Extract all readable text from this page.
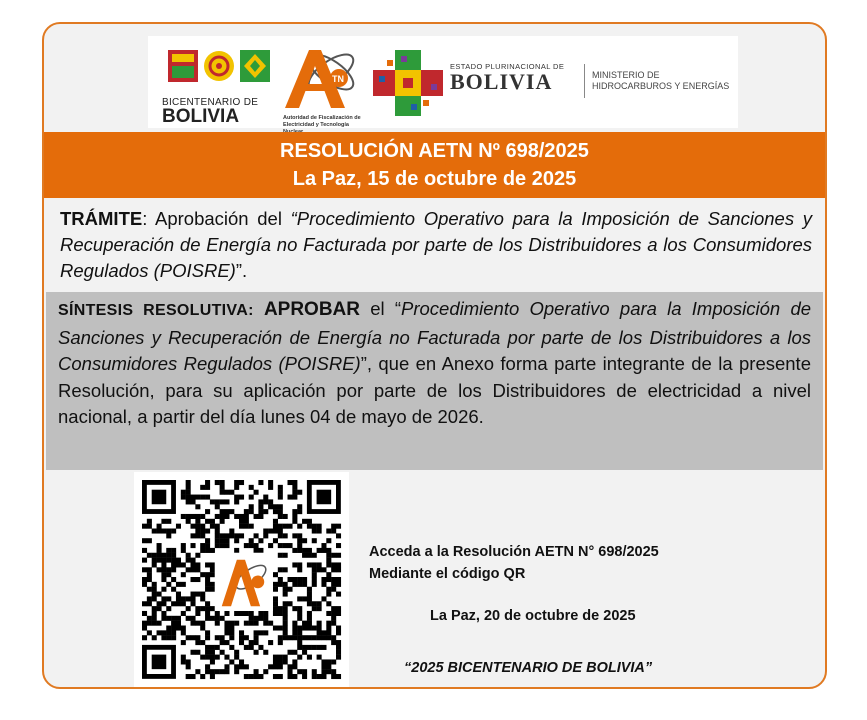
BICENTENARIO DE
BOLIVIA
TN
Autoridad de Fiscalización de
Electricidad y Tecnología
ESTADO PLURINACIONAL DE
BOLIVIA	MINISTERIO DE
HIDROCARBUROS Y ENERGÍAS
RESOLUCIÓN AETN Nº 698/2025
La Paz, 15 de octubre de 2025
TRÁMITE: Aprobación del “Procedimiento Operativo para la Imposición de Sanciones y Recuperación de Energía no Facturada por parte de los Distribuidores a los Consumidores Regulados (POISRE)”.
SÍNTESIS RESOLUTIVA: APROBAR el “Procedimiento Operativo para la Imposición de Sanciones y Recuperación de Energía no Facturada por parte de los Distribuidores a los Consumidores Regulados (POISRE)”, que en Anexo forma parte integrante de la presente Resolución, para su aplicación por parte de los Distribuidores de electricidad a nivel nacional, a partir del día lunes 04 de mayo de 2026.
Acceda a la Resolución AETN N° 698/2025
Mediante el código QR
La Paz, 20 de octubre de 2025
“2025 BICENTENARIO DE BOLIVIA”
